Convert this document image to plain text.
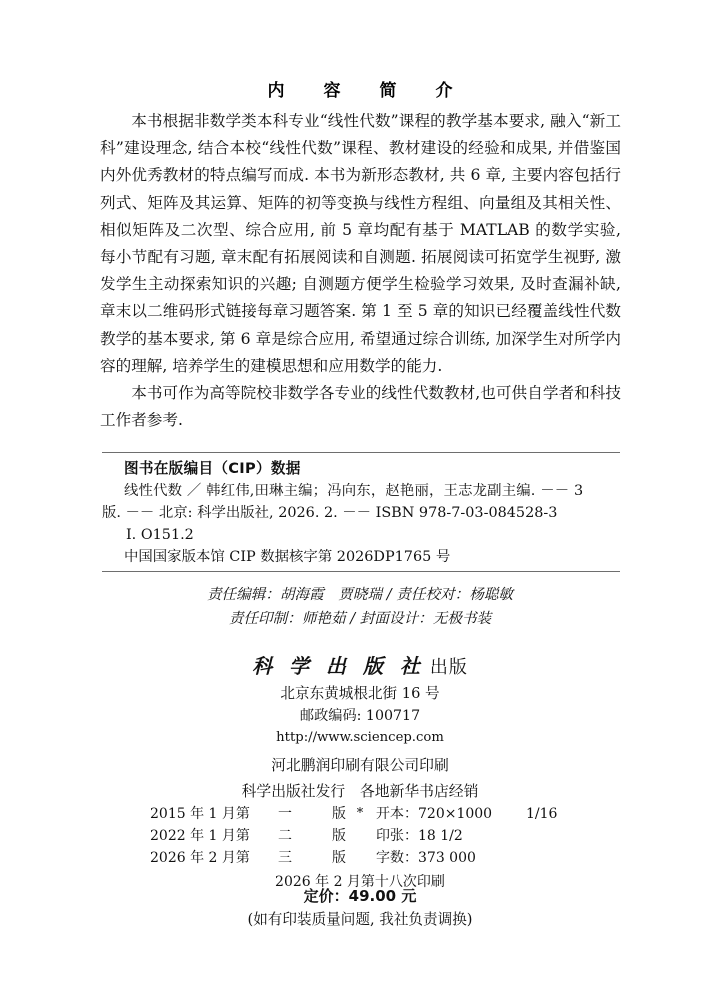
内　容　简　介

本书根据非数学类本科专业“线性代数”课程的教学基本要求, 融入“新工科”建设理念, 结合本校“线性代数”课程、教材建设的经验和成果, 并借鉴国内外优秀教材的特点编写而成. 本书为新形态教材, 共 6 章, 主要内容包括行列式、矩阵及其运算、矩阵的初等变换与线性方程组、向量组及其相关性、相似矩阵及二次型、综合应用, 前 5 章均配有基于 MATLAB 的数学实验, 每小节配有习题, 章末配有拓展阅读和自测题. 拓展阅读可拓宽学生视野, 激发学生主动探索知识的兴趣; 自测题方便学生检验学习效果, 及时查漏补缺, 章末以二维码形式链接每章习题答案. 第 1 至 5 章的知识已经覆盖线性代数教学的基本要求, 第 6 章是综合应用, 希望通过综合训练, 加深学生对所学内容的理解, 培养学生的建模思想和应用数学的能力.

本书可作为高等院校非数学各专业的线性代数教材,也可供自学者和科技工作者参考.

图书在版编目（CIP）数据
线性代数 ／ 韩红伟,田琳主编；冯向东，赵艳丽，王志龙副主编. －－ 3
版. －－ 北京: 科学出版社, 2026. 2. －－ ISBN 978-7-03-084528-3
Ⅰ. O151.2
中国国家版本馆 CIP 数据核字第 2026DP1765 号
责任编辑：胡海霞　贾晓瑞 / 责任校对：杨聪敏
责任印制：师艳茹 / 封面设计：无极书装
科 学 出 版 社 出版
北京东黄城根北街 16 号
邮政编码: 100717
http://www.sciencep.com
河北鹏润印刷有限公司印刷
科学出版社发行　各地新华书店经销
*
2015 年 1 月第	一	版	开本：720×1000	1/16
2022 年 1 月第	二	版	印张：18 1/2
2026 年 2 月第	三	版	字数：373 000
2026 年 2 月第十八次印刷
定价：49.00 元
(如有印装质量问题, 我社负责调换)
